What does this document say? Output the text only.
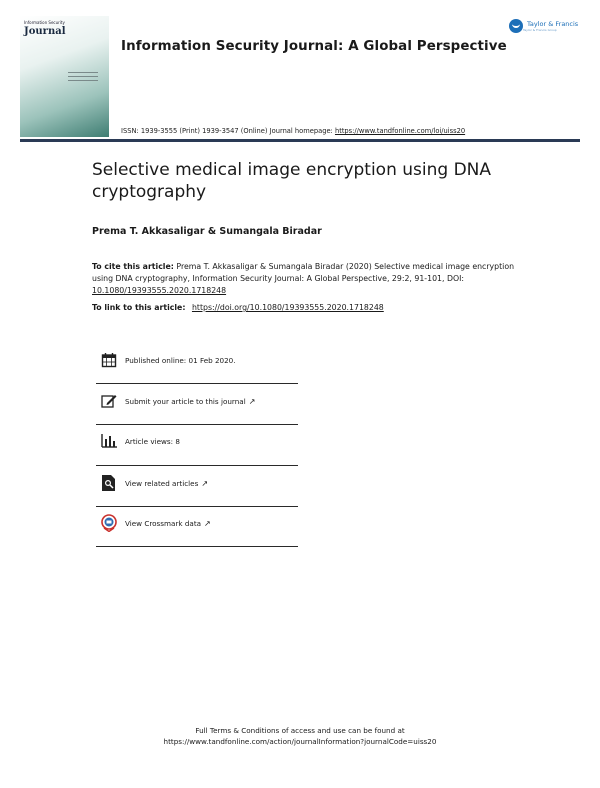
Information Security
Journal
Information Security Journal: A Global Perspective
Taylor & Francis
Taylor & Francis Group
ISSN: 1939-3555 (Print) 1939-3547 (Online) Journal homepage: https://www.tandfonline.com/loi/uiss20
Selective medical image encryption using DNA cryptography
Prema T. Akkasaligar & Sumangala Biradar
To cite this article: Prema T. Akkasaligar & Sumangala Biradar (2020) Selective medical image encryption using DNA cryptography, Information Security Journal: A Global Perspective, 29:2, 91-101, DOI: 10.1080/19393555.2020.1718248
To link to this article: https://doi.org/10.1080/19393555.2020.1718248
Published online: 01 Feb 2020.
Submit your article to this journal ↗
Article views: 8
View related articles ↗
View Crossmark data ↗
Full Terms & Conditions of access and use can be found at
https://www.tandfonline.com/action/journalInformation?journalCode=uiss20
